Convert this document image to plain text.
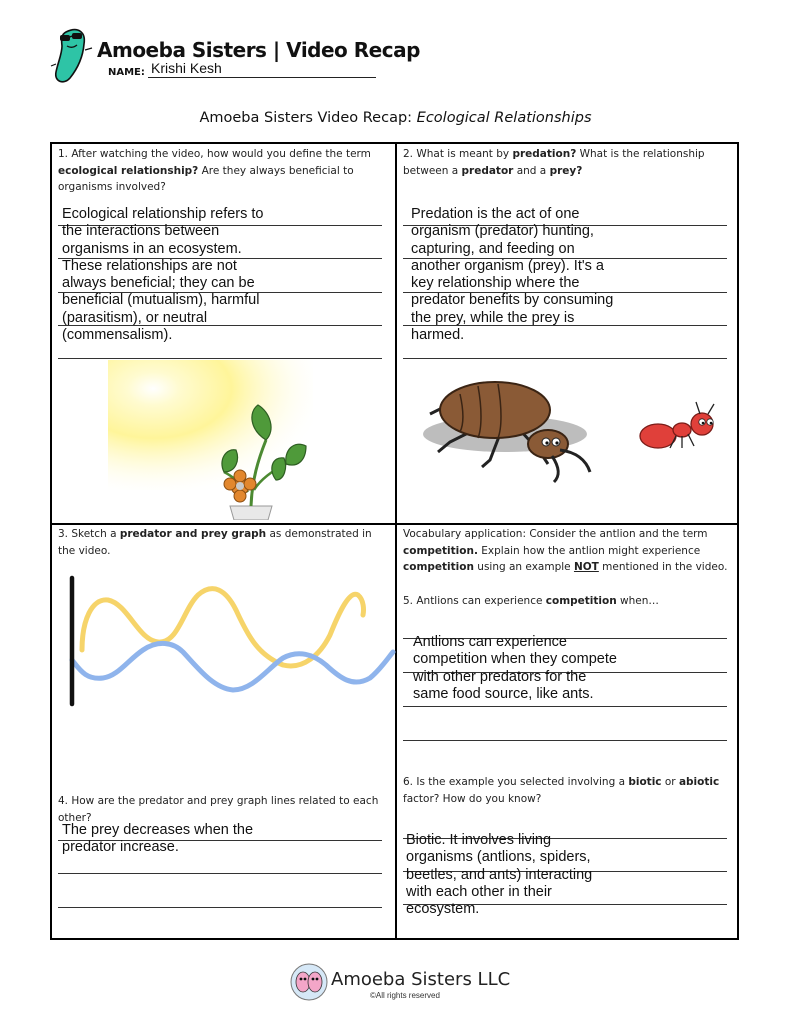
Amoeba Sisters | Video Recap
NAME: Krishi Kesh
Amoeba Sisters Video Recap: Ecological Relationships
1. After watching the video, how would you define the term ecological relationship? Are they always beneficial to organisms involved?
Ecological relationship refers to
the interactions between
organisms in an ecosystem.
These relationships are not
always beneficial; they can be
beneficial (mutualism), harmful
(parasitism), or neutral
(commensalism).
2. What is meant by predation? What is the relationship between a predator and a prey?
Predation is the act of one
organism (predator) hunting,
capturing, and feeding on
another organism (prey). It's a
key relationship where the
predator benefits by consuming
the prey, while the prey is
harmed.
3. Sketch a predator and prey graph as demonstrated in the video.
4. How are the predator and prey graph lines related to each other?
The prey decreases when the
predator increase.
Vocabulary application: Consider the antlion and the term competition. Explain how the antlion might experience competition using an example NOT mentioned in the video.
5. Antlions can experience competition when…
Antlions can experience
competition when they compete
with other predators for the
same food source, like ants.
6. Is the example you selected involving a biotic or abiotic factor? How do you know?
Biotic. It involves living
organisms (antlions, spiders,
beetles, and ants) interacting
with each other in their
ecosystem.
Amoeba Sisters LLC
©All rights reserved
